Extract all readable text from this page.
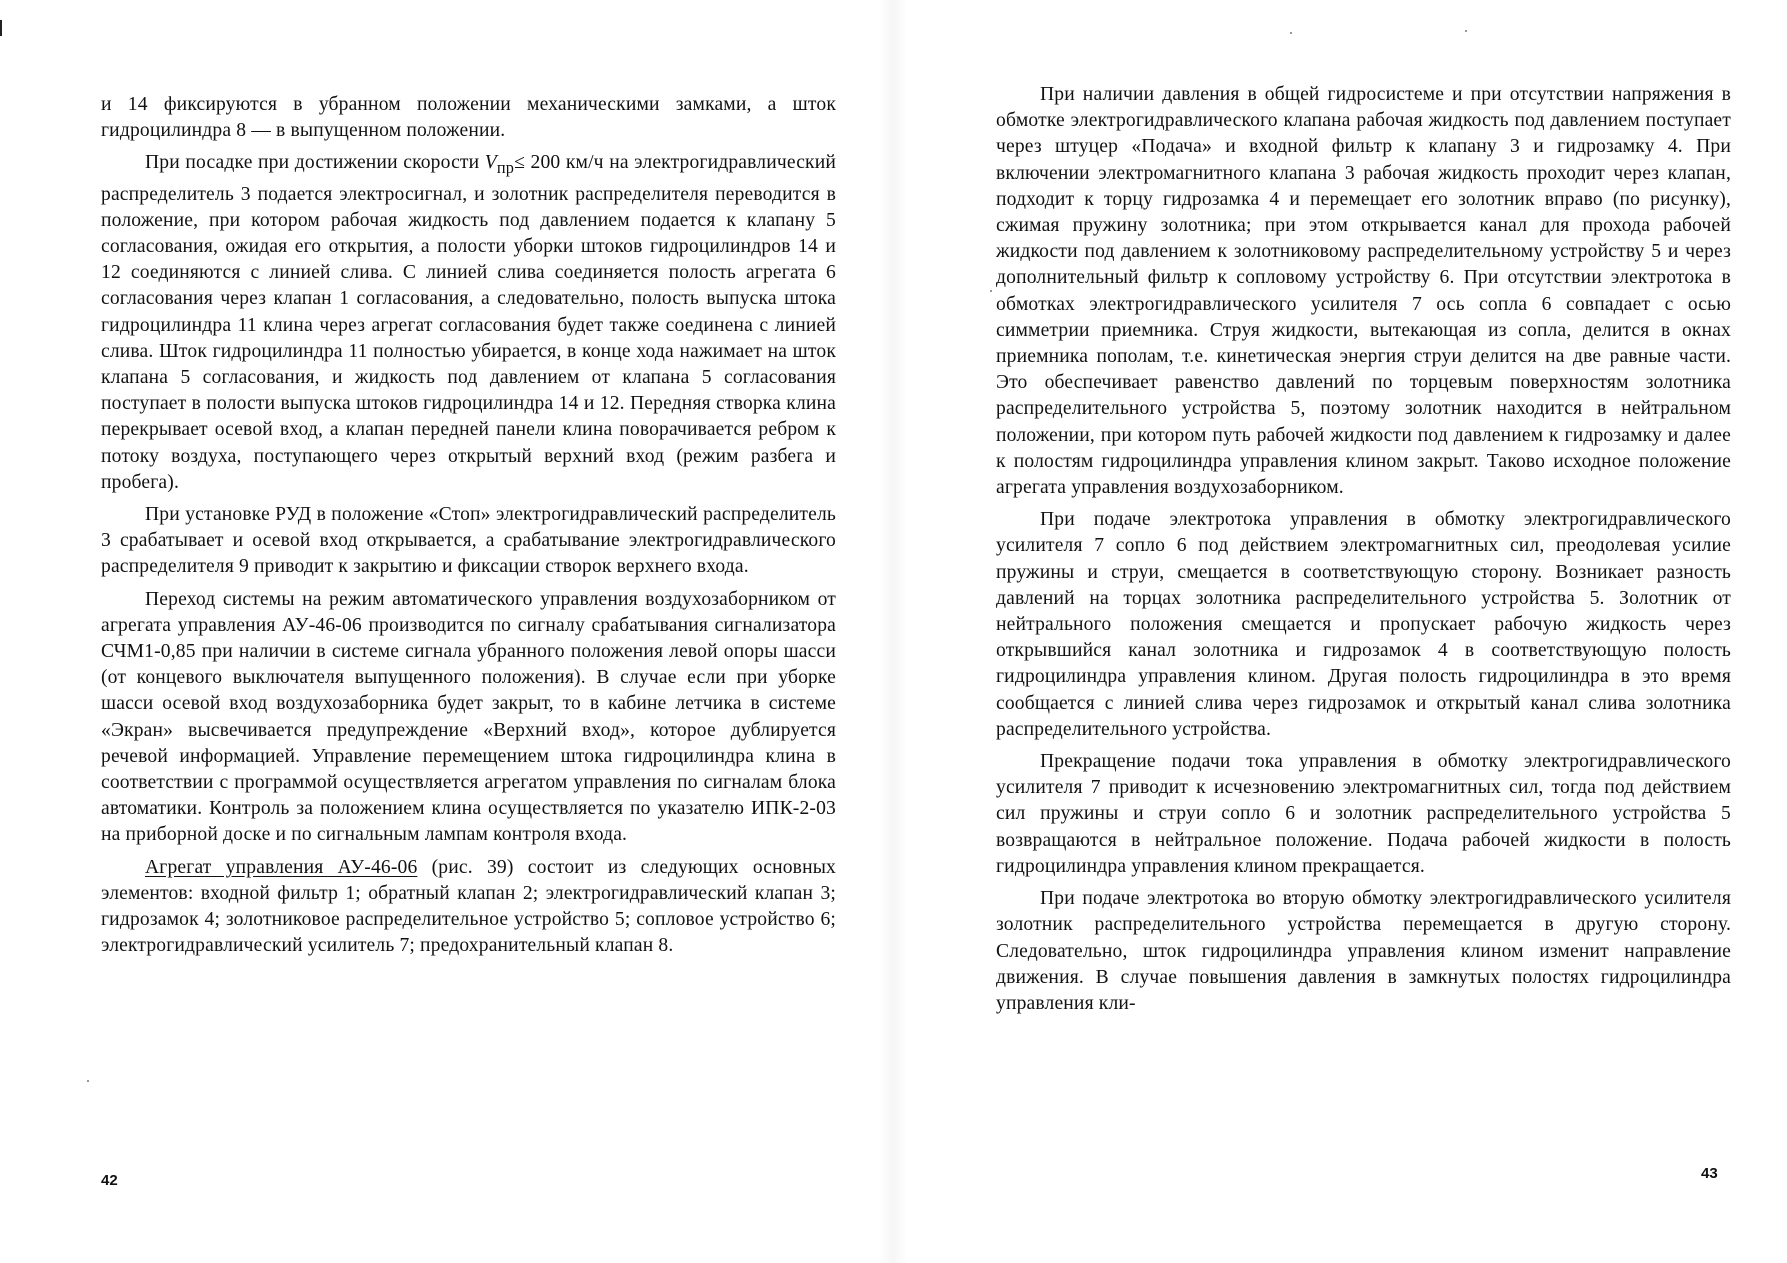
и 14 фиксируются в убранном положении механическими замками, а шток гидроцилиндра 8 — в выпущенном положении.

При посадке при достижении скорости $V_{пр}\le 200$ км/ч на электрогидравлический распределитель 3 подается электросигнал, и золотник распределителя переводится в положение, при котором рабочая жидкость под давлением подается к клапану 5 согласования, ожидая его открытия, а полости уборки штоков гидроцилиндров 14 и 12 соединяются с линией слива. С линией слива соединяется полость агрегата 6 согласования через клапан 1 согласования, а следовательно, полость выпуска штока гидроцилиндра 11 клина через агрегат согласования будет также соединена с линией слива. Шток гидроцилиндра 11 полностью убирается, в конце хода нажимает на шток клапана 5 согласования, и жидкость под давлением от клапана 5 согласования поступает в полости выпуска штоков гидроцилиндра 14 и 12. Передняя створка клина перекрывает осевой вход, а клапан передней панели клина поворачивается ребром к потоку воздуха, поступающего через открытый верхний вход (режим разбега и пробега).

При установке РУД в положение «Стоп» электрогидравлический распределитель 3 срабатывает и осевой вход открывается, а срабатывание электрогидравлического распределителя 9 приводит к закрытию и фиксации створок верхнего входа.

Переход системы на режим автоматического управления воздухозаборником от агрегата управления АУ-46-06 производится по сигналу срабатывания сигнализатора СЧМ1-0,85 при наличии в системе сигнала убранного положения левой опоры шасси (от концевого выключателя выпущенного положения). В случае если при уборке шасси осевой вход воздухозаборника будет закрыт, то в кабине летчика в системе «Экран» высвечивается предупреждение «Верхний вход», которое дублируется речевой информацией. Управление перемещением штока гидроцилиндра клина в соответствии с программой осуществляется агрегатом управления по сигналам блока автоматики. Контроль за положением клина осуществляется по указателю ИПК-2-03 на приборной доске и по сигнальным лампам контроля входа.

Агрегат управления АУ-46-06 (рис. 39) состоит из следующих основных элементов: входной фильтр 1; обратный клапан 2; электрогидравлический клапан 3; гидрозамок 4; золотниковое распределительное устройство 5; сопловое устройство 6; электрогидравлический усилитель 7; предохранительный клапан 8.

42

При наличии давления в общей гидросистеме и при отсутствии напряжения в обмотке электрогидравлического клапана рабочая жидкость под давлением поступает через штуцер «Подача» и входной фильтр к клапану 3 и гидрозамку 4. При включении электромагнитного клапана 3 рабочая жидкость проходит через клапан, подходит к торцу гидрозамка 4 и перемещает его золотник вправо (по рисунку), сжимая пружину золотника; при этом открывается канал для прохода рабочей жидкости под давлением к золотниковому распределительному устройству 5 и через дополнительный фильтр к сопловому устройству 6. При отсутствии электротока в обмотках электрогидравлического усилителя 7 ось сопла 6 совпадает с осью симметрии приемника. Струя жидкости, вытекающая из сопла, делится в окнах приемника пополам, т.е. кинетическая энергия струи делится на две равные части. Это обеспечивает равенство давлений по торцевым поверхностям золотника распределительного устройства 5, поэтому золотник находится в нейтральном положении, при котором путь рабочей жидкости под давлением к гидрозамку и далее к полостям гидроцилиндра управления клином закрыт. Таково исходное положение агрегата управления воздухозаборником.

При подаче электротока управления в обмотку электрогидравлического усилителя 7 сопло 6 под действием электромагнитных сил, преодолевая усилие пружины и струи, смещается в соответствующую сторону. Возникает разность давлений на торцах золотника распределительного устройства 5. Золотник от нейтрального положения смещается и пропускает рабочую жидкость через открывшийся канал золотника и гидрозамок 4 в соответствующую полость гидроцилиндра управления клином. Другая полость гидроцилиндра в это время сообщается с линией слива через гидрозамок и открытый канал слива золотника распределительного устройства.

Прекращение подачи тока управления в обмотку электрогидравлического усилителя 7 приводит к исчезновению электромагнитных сил, тогда под действием сил пружины и струи сопло 6 и золотник распределительного устройства 5 возвращаются в нейтральное положение. Подача рабочей жидкости в полость гидроцилиндра управления клином прекращается.

При подаче электротока во вторую обмотку электрогидравлического усилителя золотник распределительного устройства перемещается в другую сторону. Следовательно, шток гидроцилиндра управления клином изменит направление движения. В случае повышения давления в замкнутых полостях гидроцилиндра управления кли-

43
